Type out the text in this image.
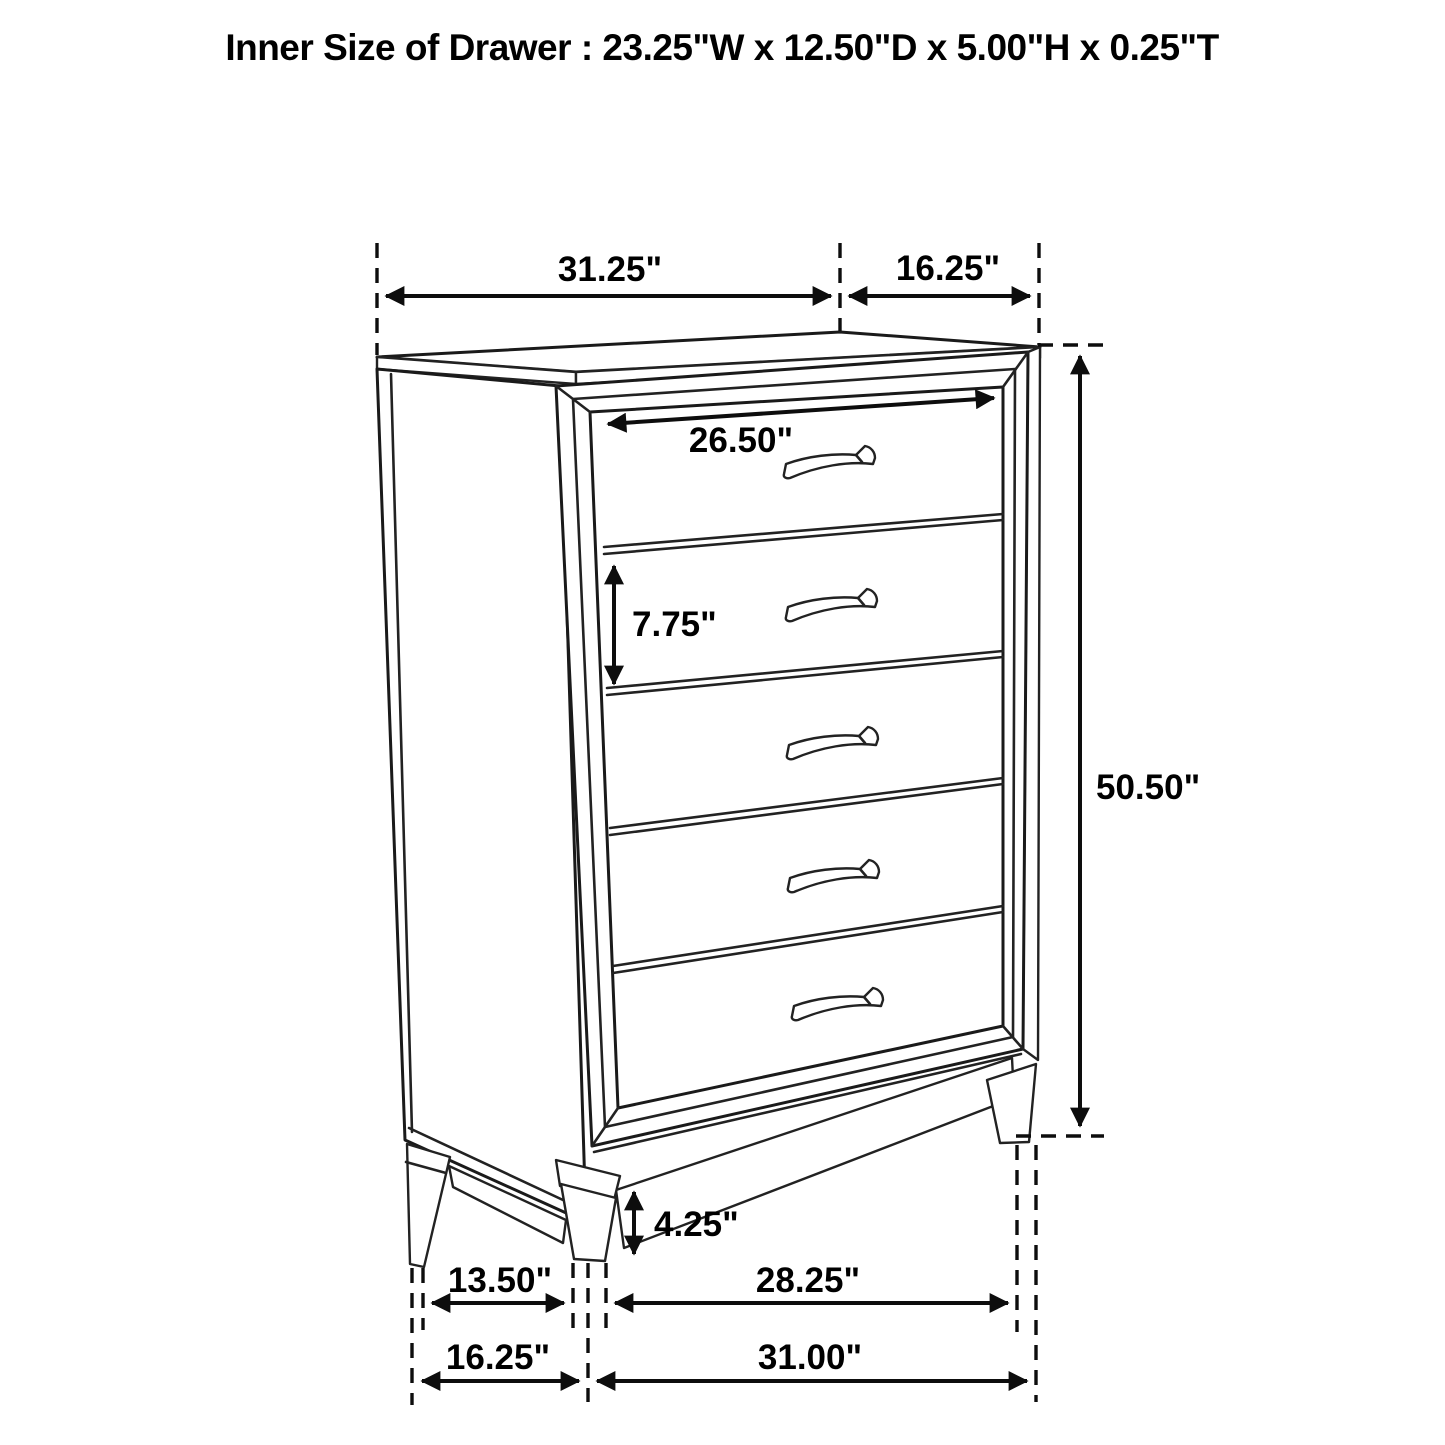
Inner Size of Drawer : 23.25"W x 12.50"D x 5.00"H x 0.25"T
31.25"	16.25"
26.50"
7.75"
50.50"
4.25"
13.50"	28.25"
16.25"	31.00"
